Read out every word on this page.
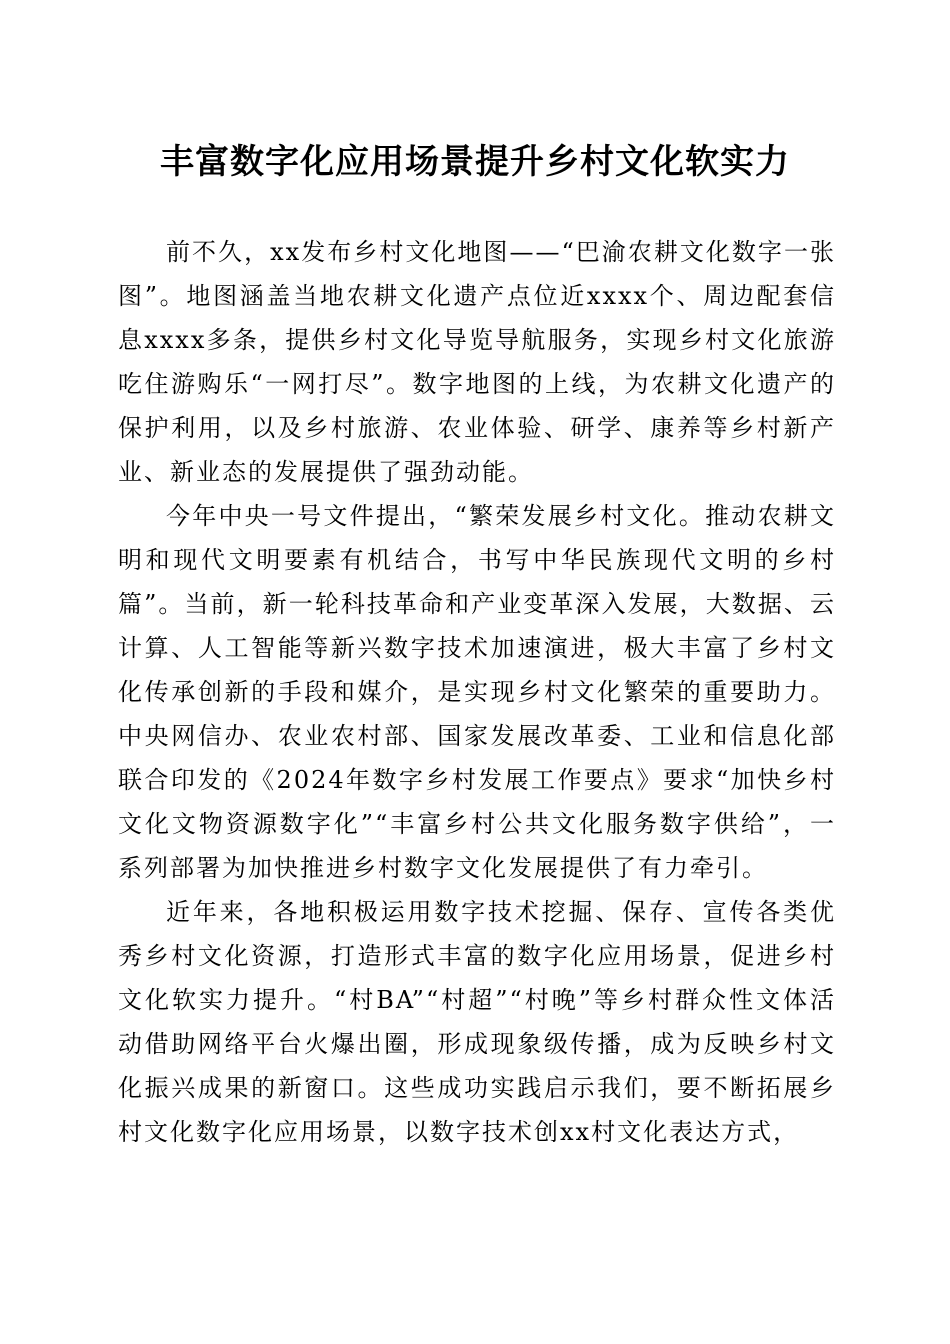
丰富数字化应用场景提升乡村文化软实力

前不久，xx发布乡村文化地图——“巴渝农耕文化数字一张图”。地图涵盖当地农耕文化遗产点位近xxxx个、周边配套信息xxxx多条，提供乡村文化导览导航服务，实现乡村文化旅游吃住游购乐“一网打尽”。数字地图的上线，为农耕文化遗产的保护利用，以及乡村旅游、农业体验、研学、康养等乡村新产业、新业态的发展提供了强劲动能。

今年中央一号文件提出，“繁荣发展乡村文化。推动农耕文明和现代文明要素有机结合，书写中华民族现代文明的乡村篇”。当前，新一轮科技革命和产业变革深入发展，大数据、云计算、人工智能等新兴数字技术加速演进，极大丰富了乡村文化传承创新的手段和媒介，是实现乡村文化繁荣的重要助力。中央网信办、农业农村部、国家发展改革委、工业和信息化部联合印发的《2024年数字乡村发展工作要点》要求“加快乡村文化文物资源数字化”“丰富乡村公共文化服务数字供给”，一系列部署为加快推进乡村数字文化发展提供了有力牵引。

近年来，各地积极运用数字技术挖掘、保存、宣传各类优秀乡村文化资源，打造形式丰富的数字化应用场景，促进乡村文化软实力提升。“村BA”“村超”“村晚”等乡村群众性文体活动借助网络平台火爆出圈，形成现象级传播，成为反映乡村文化振兴成果的新窗口。这些成功实践启示我们，要不断拓展乡村文化数字化应用场景，以数字技术创xx村文化表达方式，
